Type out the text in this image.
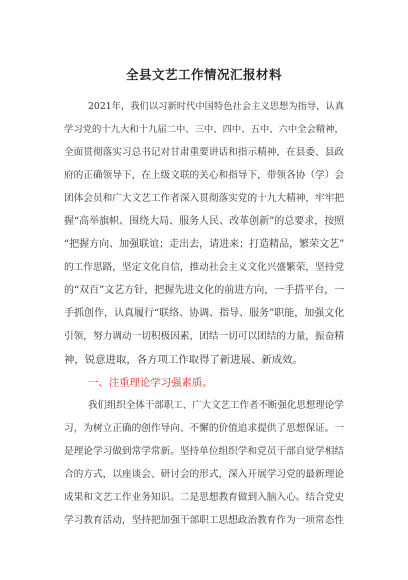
全县文艺工作情况汇报材料
2021年，我们以习新时代中国特色社会主义思想为指导，认真
学习党的十九大和十九届二中、三中、四中、五中、六中全会精神，
全面贯彻落实习总书记对甘肃重要讲话和指示精神，在县委、县政
府的正确领导下，在上级文联的关心和指导下，带领各协（学）会
团体会员和广大文艺工作者深入贯彻落实党的十九大精神，牢牢把
握“高举旗帜、围绕大局、服务人民、改革创新”的总要求，按照
“把握方向、加强联谊；走出去，请进来；打造精品，繁荣文艺”
的工作思路，坚定文化自信，推动社会主义文化兴盛繁荣，坚持党
的“双百”文艺方针，把握先进文化的前进方向，一手搭平台，一
手抓创作，认真履行“联络、协调、指导、服务”职能，加强文化
引领，努力调动一切积极因素，团结一切可以团结的力量，振奋精
神，锐意进取，各方项工作取得了新进展、新成效。
一、注重理论学习强素质。
我们组织全体干部职工、广大文艺工作者不断强化思想理论学
习，为树立正确的创作导向、不懈的价值追求提供了思想保证。一
是理论学习做到常学常新。坚持单位组织学和党员干部自觉学相结
合的方式，以座谈会、研讨会的形式，深入开展学习党的最新理论
成果和文艺工作业务知识。二是思想教育做到入脑入心。结合党史
学习教育活动，坚持把加强干部职工思想政治教育作为一项常态性
